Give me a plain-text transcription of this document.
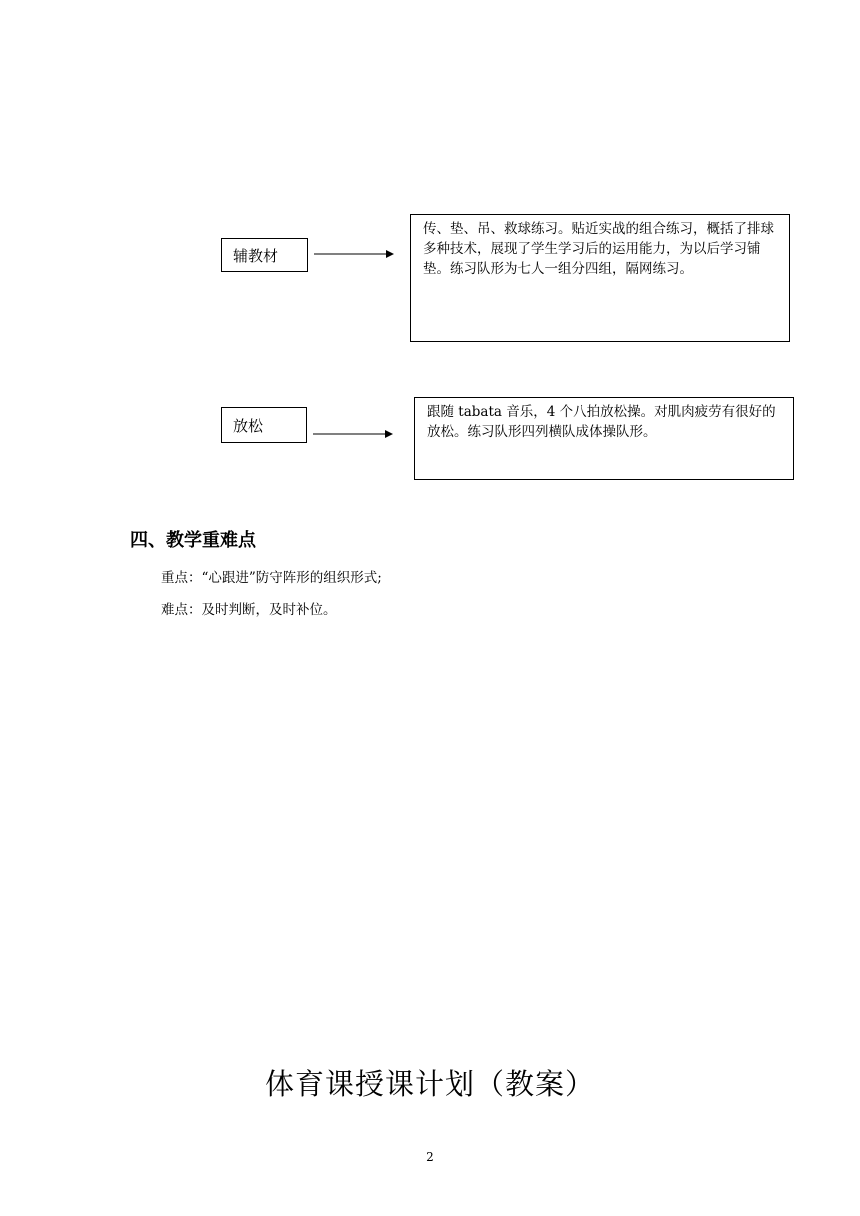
辅教材
传、垫、吊、救球练习。贴近实战的组合练习，概括了排球多种技术，展现了学生学习后的运用能力，为以后学习铺垫。练习队形为七人一组分四组，隔网练习。
放松
跟随 tabata 音乐，4 个八拍放松操。对肌肉疲劳有很好的放松。练习队形四列横队成体操队形。
四、教学重难点
重点：“心跟进”防守阵形的组织形式;
难点：及时判断，及时补位。
体育课授课计划（教案）
2
